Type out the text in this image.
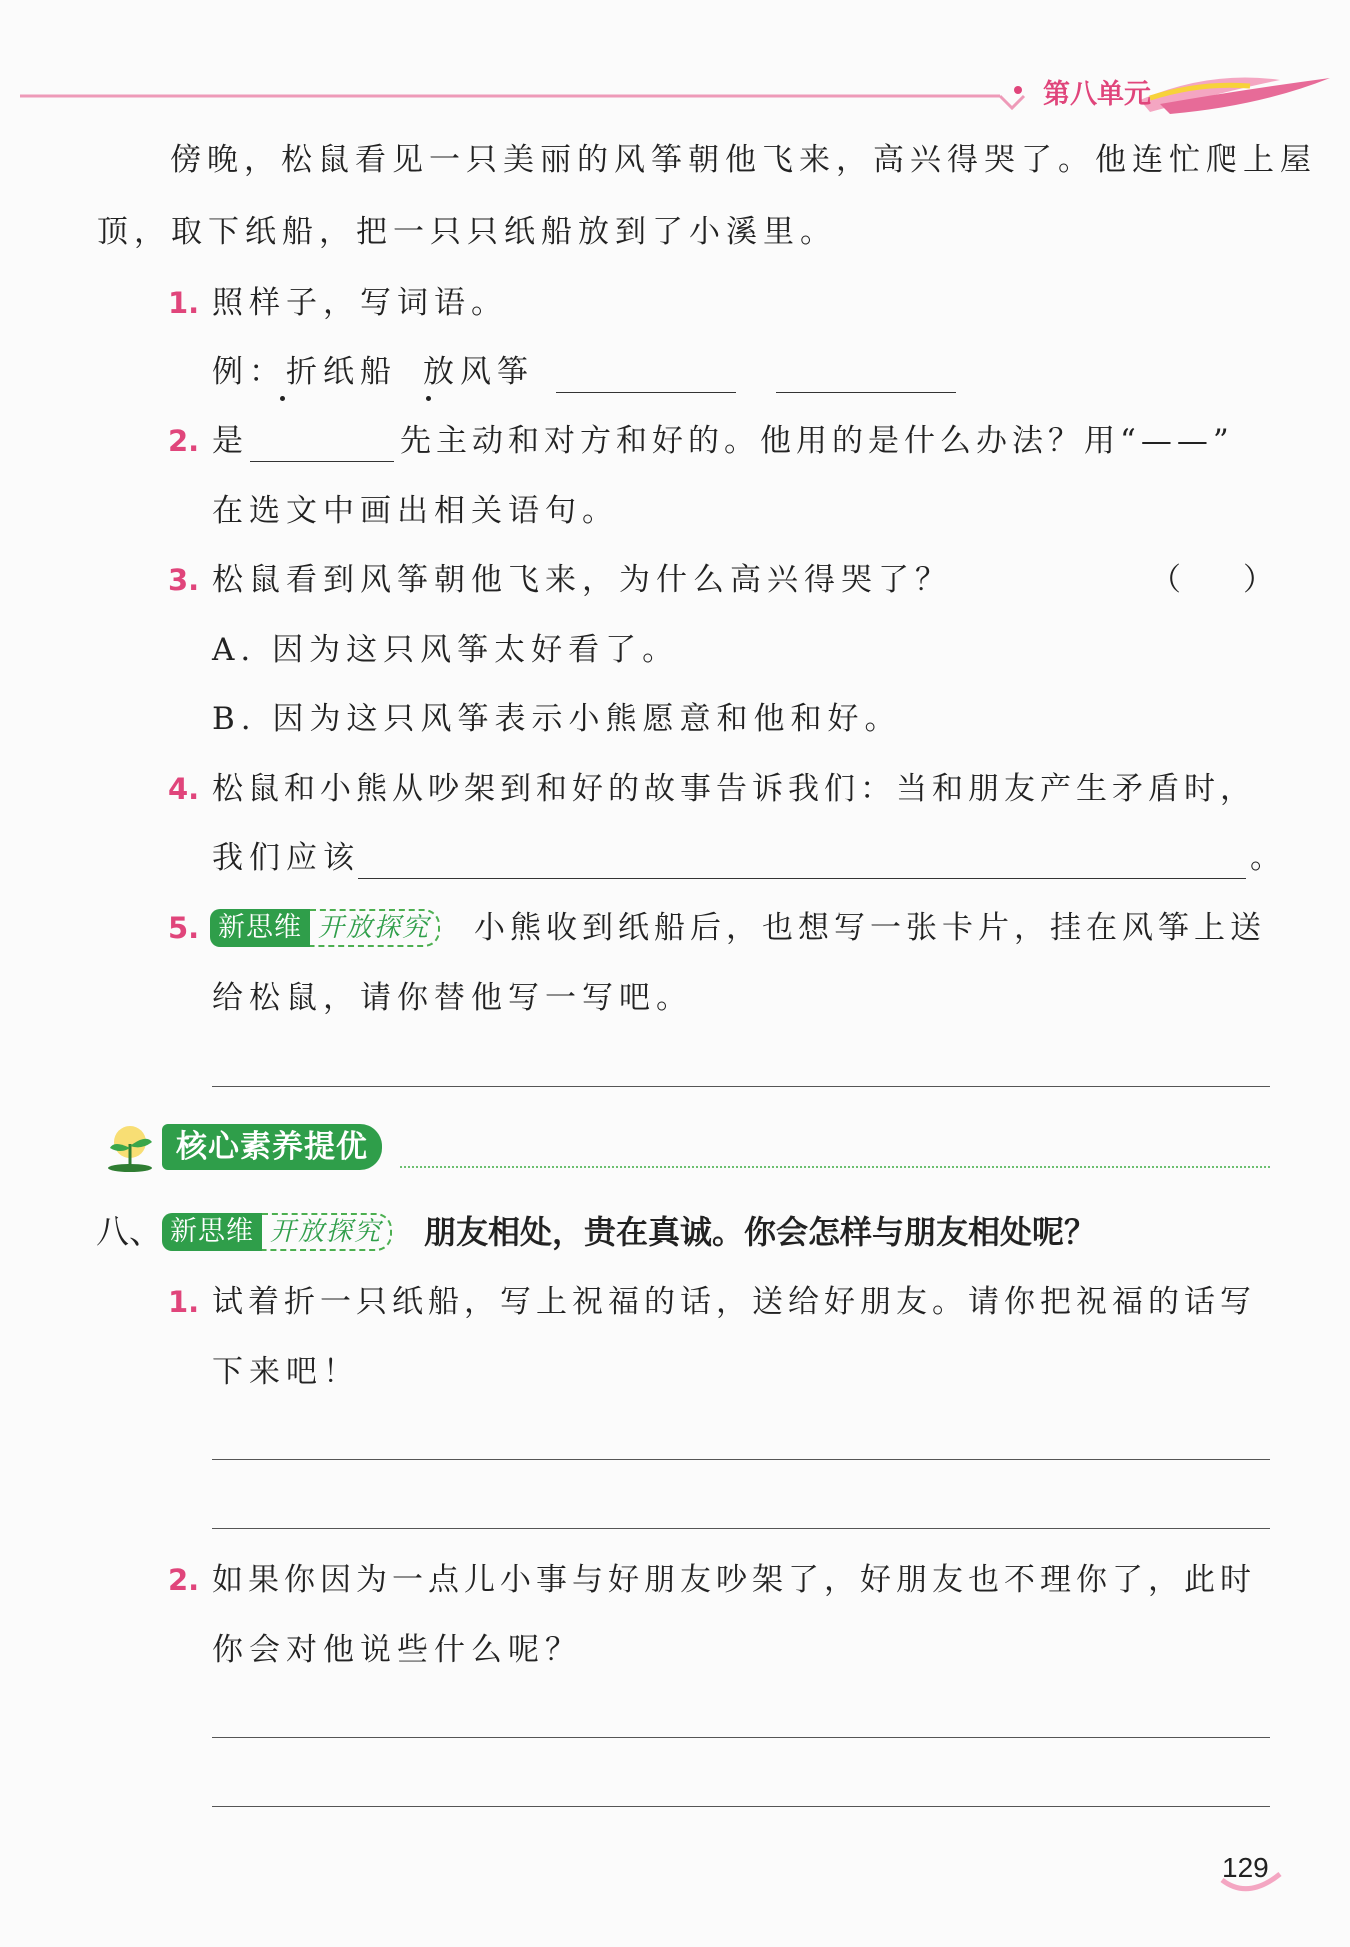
第八单元
傍晚，松鼠看见一只美丽的风筝朝他飞来，高兴得哭了。他连忙爬上屋
顶，取下纸船，把一只只纸船放到了小溪里。
1. 照样子，写词语。
例：折纸船 放风筝
2. 是	先主动和对方和好的。他用的是什么办法？用“——”
在选文中画出相关语句。
3. 松鼠看到风筝朝他飞来，为什么高兴得哭了？	（　　）
A. 因为这只风筝太好看了。
B. 因为这只风筝表示小熊愿意和他和好。
4. 松鼠和小熊从吵架到和好的故事告诉我们：当和朋友产生矛盾时，
我们应该	。
5. 新思维 开放探究	小熊收到纸船后，也想写一张卡片，挂在风筝上送
给松鼠，请你替他写一写吧。
核心素养提优
八、 新思维 开放探究	朋友相处，贵在真诚。你会怎样与朋友相处呢？
1. 试着折一只纸船，写上祝福的话，送给好朋友。请你把祝福的话写
下来吧！
2. 如果你因为一点儿小事与好朋友吵架了，好朋友也不理你了，此时
你会对他说些什么呢？
129
